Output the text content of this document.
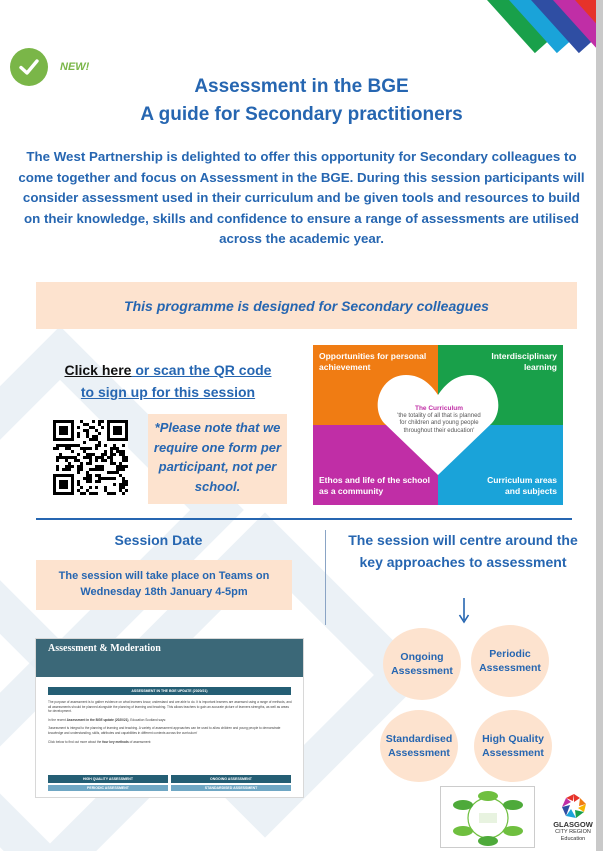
NEW!
Assessment in the BGE
A guide for Secondary practitioners
The West Partnership is delighted to offer this opportunity for Secondary colleagues to come together and focus on Assessment in the BGE. During this session participants will consider assessment used in their curriculum and be given tools and resources to build on their knowledge, skills and confidence to ensure a range of assessments are utilised across the academic year.
This programme is designed for Secondary colleagues
Click here or scan the QR code
to sign up for this session
*Please note that we require one form per participant, not per school.
Opportunities for personal achievement
Interdisciplinary learning
Ethos and life of the school as a community
Curriculum areas and subjects
The Curriculum
'the totality of all that is planned for children and young people throughout their education'
Session Date
The session will take place on Teams on
Wednesday 18th January 4-5pm
The session will centre around the key approaches to assessment
Ongoing Assessment
Periodic Assessment
Standardised Assessment
High Quality Assessment
Assessment & Moderation
ASSESSMENT IN THE BGE UPDATE (2020/21)
The purpose of assessment is to gather evidence on what learners know, understand and are able to do. It is important learners are assessed using a range of methods, and all assessments should be planned alongside the planning of learning and teaching. This allows teachers to gain an accurate picture of learners strengths, as well as areas for development.
In the recent Assessment in the BGE update (2020/21), Education Scotland says:
'Assessment is integral to the planning of learning and teaching. A variety of assessment approaches can be used to allow children and young people to demonstrate knowledge and understanding, skills, attributes and capabilities in different contexts across the curriculum'
Click below to find out more about the four key methods of assessment:
HIGH QUALITY ASSESSMENT	ONGOING ASSESSMENT
PERIODIC ASSESSMENT	STANDARDISED ASSESSMENT
GLASGOW
CITY REGION
Education
